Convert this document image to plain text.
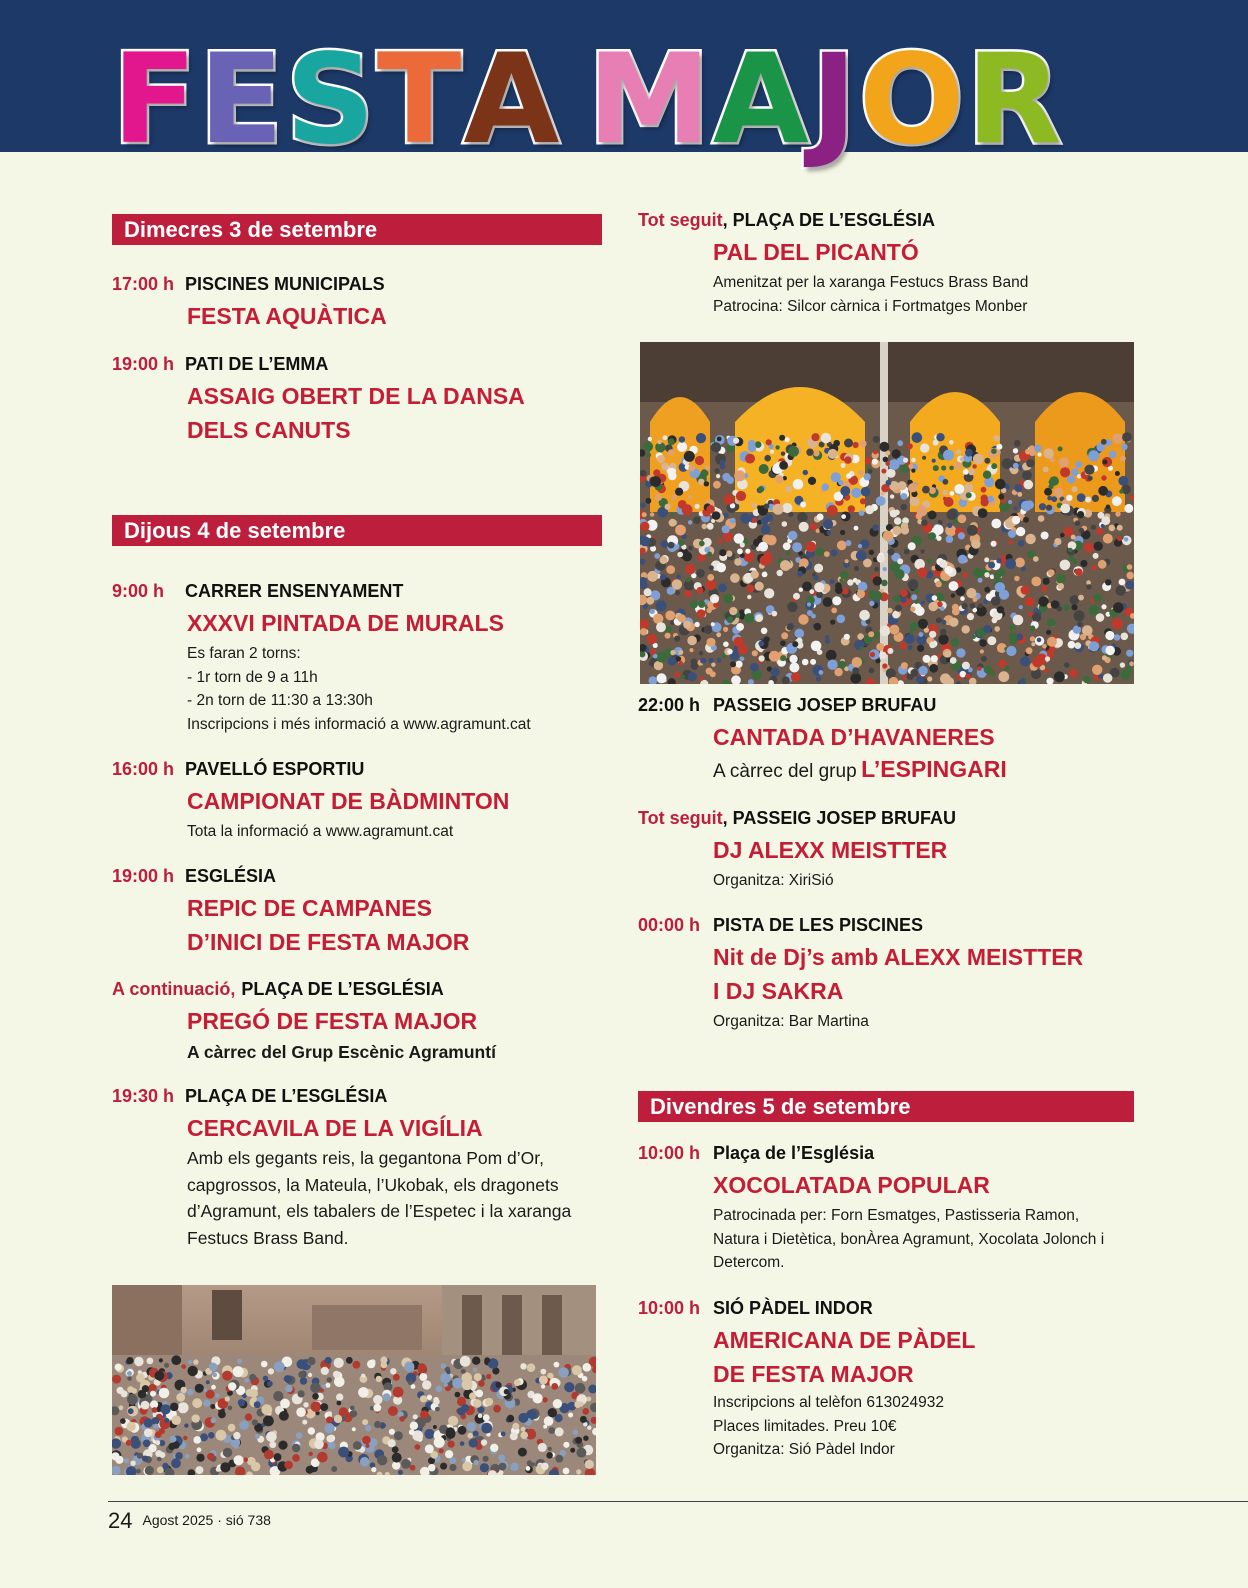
F E S T A M A J O R
Dimecres 3 de setembre
17:00 h PISCINES MUNICIPALS
FESTA AQUÀTICA
19:00 h PATI DE L’EMMA
ASSAIG OBERT DE LA DANSA
DELS CANUTS
Dijous 4 de setembre
9:00 h CARRER ENSENYAMENT
XXXVI PINTADA DE MURALS
Es faran 2 torns:
- 1r torn de 9 a 11h
- 2n torn de 11:30 a 13:30h
Inscripcions i més informació a www.agramunt.cat
16:00 h PAVELLÓ ESPORTIU
CAMPIONAT DE BÀDMINTON
Tota la informació a www.agramunt.cat
19:00 h ESGLÉSIA
REPIC DE CAMPANES
D’INICI DE FESTA MAJOR
A continuació, PLAÇA DE L’ESGLÉSIA
PREGÓ DE FESTA MAJOR
A càrrec del Grup Escènic Agramuntí
19:30 h PLAÇA DE L’ESGLÉSIA
CERCAVILA DE LA VIGÍLIA
Amb els gegants reis, la gegantona Pom d’Or,
capgrossos, la Mateula, l’Ukobak, els dragonets
d’Agramunt, els tabalers de l’Espetec i la xaranga
Festucs Brass Band.
Tot seguit, PLAÇA DE L’ESGLÉSIA
PAL DEL PICANTÓ
Amenitzat per la xaranga Festucs Brass Band
Patrocina: Silcor càrnica i Fortmatges Monber
22:00 h PASSEIG JOSEP BRUFAU
CANTADA D’HAVANERES
A càrrec del grup L’ESPINGARI
Tot seguit, PASSEIG JOSEP BRUFAU
DJ ALEXX MEISTTER
Organitza: XiriSió
00:00 h PISTA DE LES PISCINES
Nit de Dj’s amb ALEXX MEISTTER
I DJ SAKRA
Organitza: Bar Martina
Divendres 5 de setembre
10:00 h Plaça de l’Església
XOCOLATADA POPULAR
Patrocinada per: Forn Esmatges, Pastisseria Ramon,
Natura i Dietètica, bonÀrea Agramunt, Xocolata Jolonch i
Detercom.
10:00 h SIÓ PÀDEL INDOR
AMERICANA DE PÀDEL
DE FESTA MAJOR
Inscripcions al telèfon 613024932
Places limitades. Preu 10€
Organitza: Sió Pàdel Indor
24 Agost 2025 · sió 738
